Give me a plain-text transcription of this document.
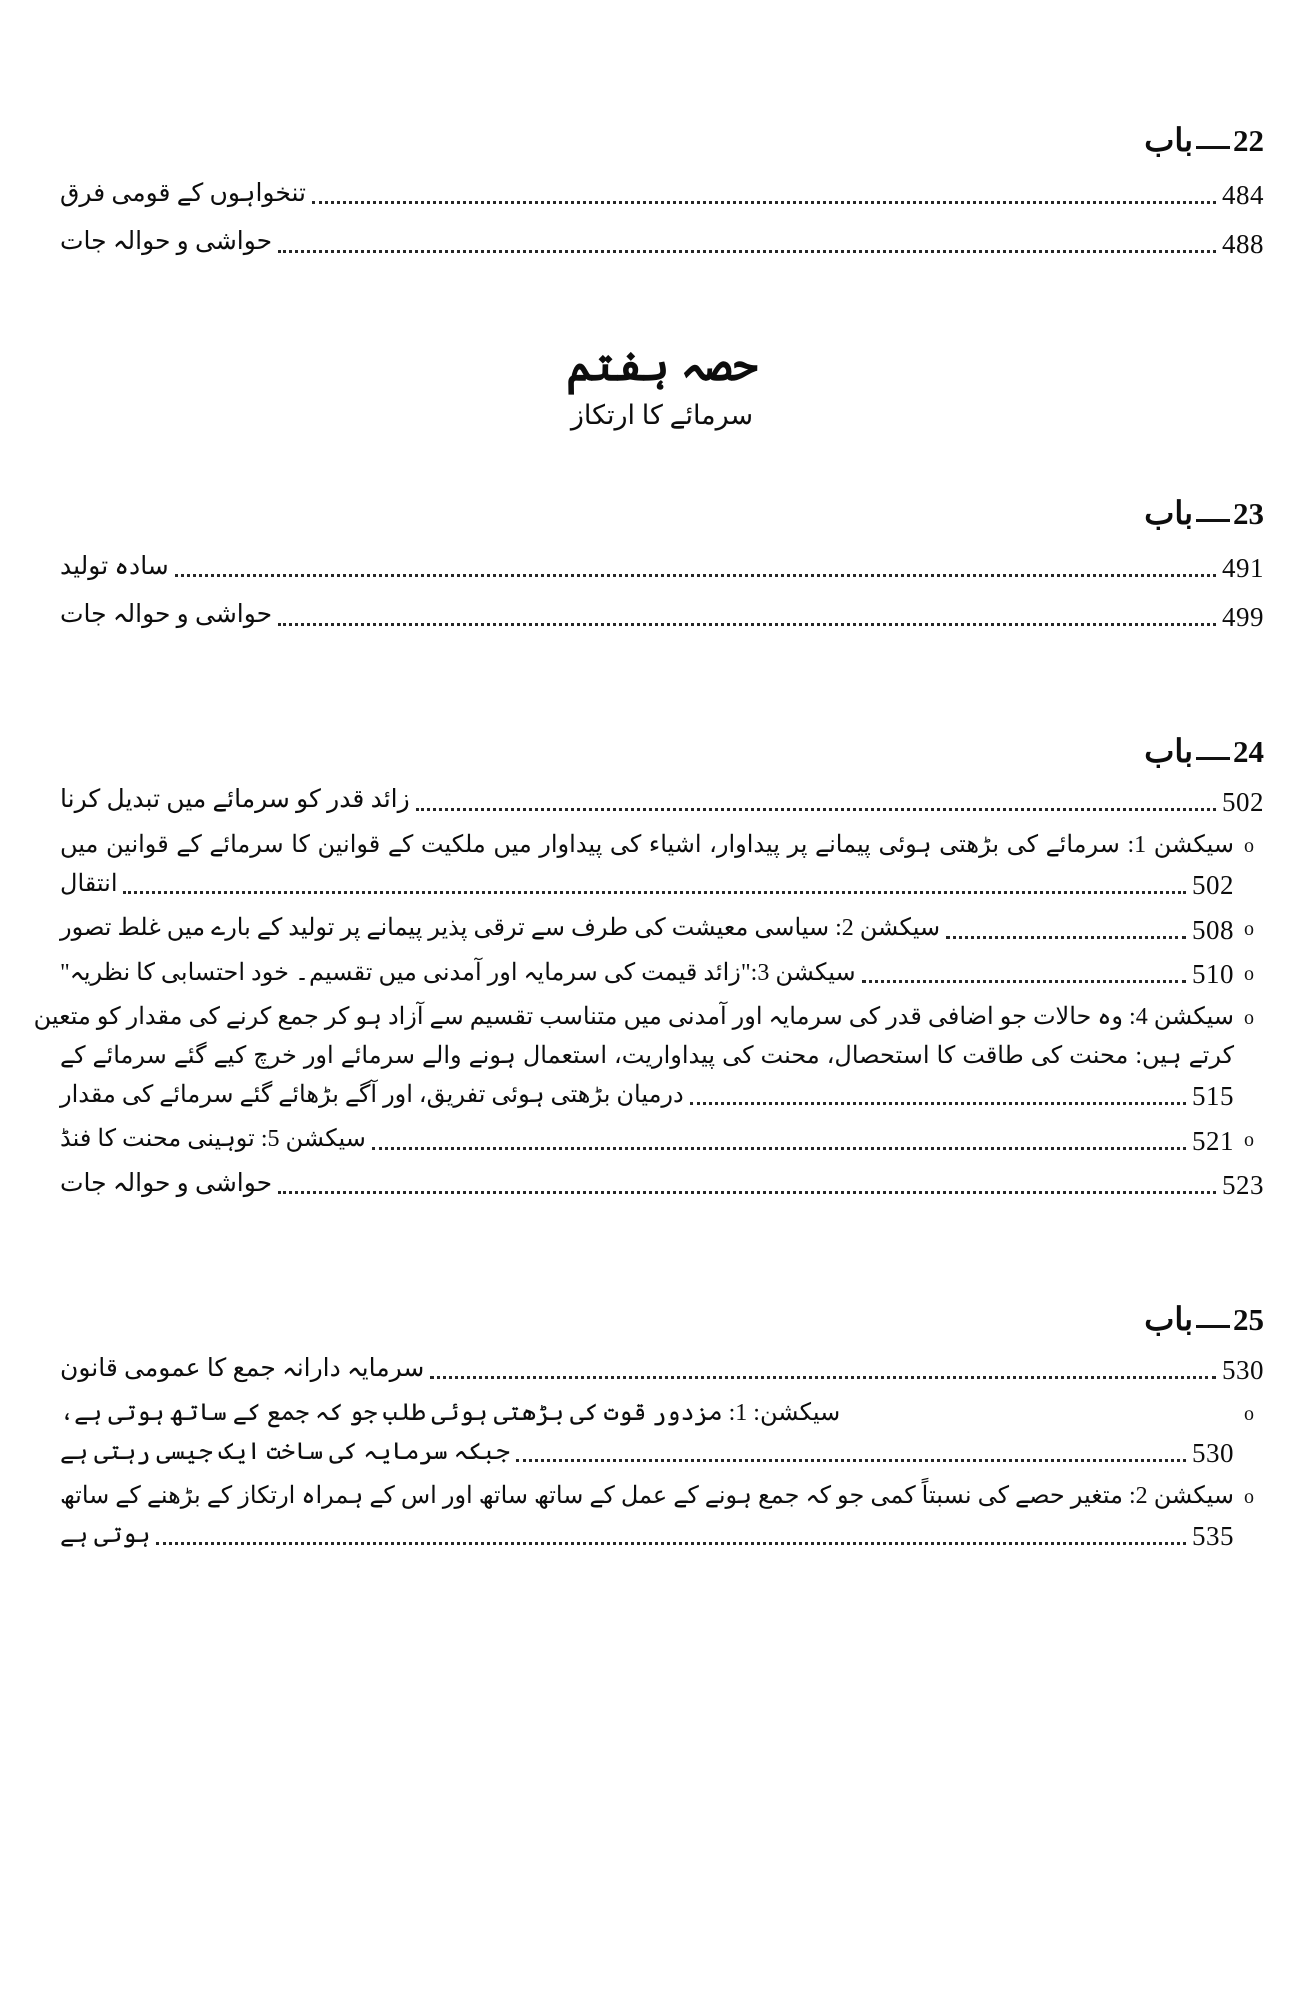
22باب
تنخواہوں کے قومی فرق	484
حواشی و حوالہ جات	488
حصہ ہفتم
سرمائے کا ارتکاز
23باب
سادہ تولید	491
حواشی و حوالہ جات	499
24باب
زائد قدر کو سرمائے میں تبدیل کرنا	502
o
سیکشن 1: سرمائے کی بڑھتی ہوئی پیمانے پر پیداوار، اشیاء کی پیداوار میں ملکیت کے قوانین کا سرمائے کے قوانین میں
انتقال	502
o
سیکشن 2: سیاسی معیشت کی طرف سے ترقی پذیر پیمانے پر تولید کے بارے میں غلط تصور	508
o
سیکشن 3:"زائد قیمت کی سرمایہ اور آمدنی میں تقسیم۔ خود احتسابی کا نظریہ"	510
o
سیکشن 4: وہ حالات جو اضافی قدر کی سرمایہ اور آمدنی میں متناسب تقسیم سے آزاد ہو کر جمع کرنے کی مقدار کو متعین
کرتے ہیں: محنت کی طاقت کا استحصال، محنت کی پیداواریت، استعمال ہونے والے سرمائے اور خرچ کیے گئے سرمائے کے
درمیان بڑھتی ہوئی تفریق، اور آگے بڑھائے گئے سرمائے کی مقدار	515
o
سیکشن 5: توہینی محنت کا فنڈ	521
حواشی و حوالہ جات	523
25باب
سرمایہ دارانہ جمع کا عمومی قانون	530
o
سیکشن: 1: مزدور قوت کی بڑھتی ہوئی طلب جو کہ جمع کے ساتھ ہوتی ہے،
جبکہ سرمایہ کی ساخت ایک جیسی رہتی ہے	530
o
سیکشن 2: متغیر حصے کی نسبتاً کمی جو کہ جمع ہونے کے عمل کے ساتھ ساتھ اور اس کے ہمراہ ارتکاز کے بڑھنے کے ساتھ
ہوتی ہے	535
